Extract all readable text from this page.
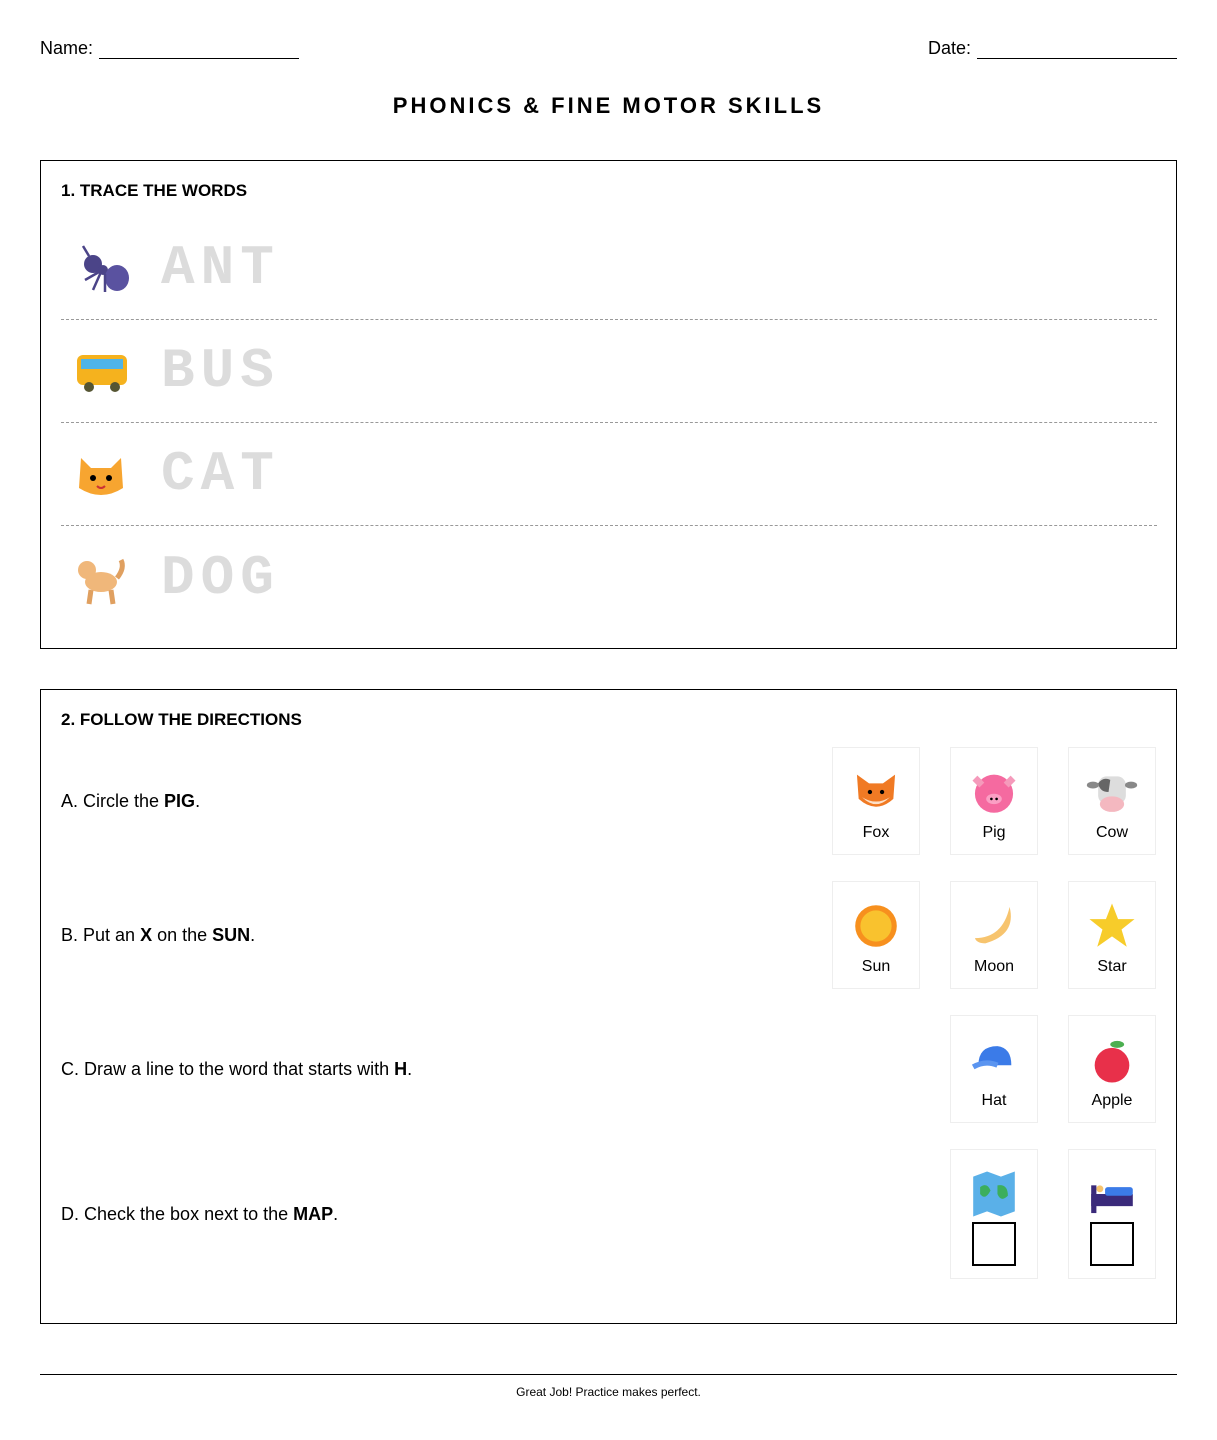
Name:	Date:
PHONICS & FINE MOTOR SKILLS
1. TRACE THE WORDS
ANT
BUS
CAT
DOG
2. FOLLOW THE DIRECTIONS
A. Circle the PIG.
Fox	Pig	Cow
B. Put an X on the SUN.
Sun	Moon	Star
C. Draw a line to the word that starts with H.
Hat	Apple
D. Check the box next to the MAP.
Great Job! Practice makes perfect.
